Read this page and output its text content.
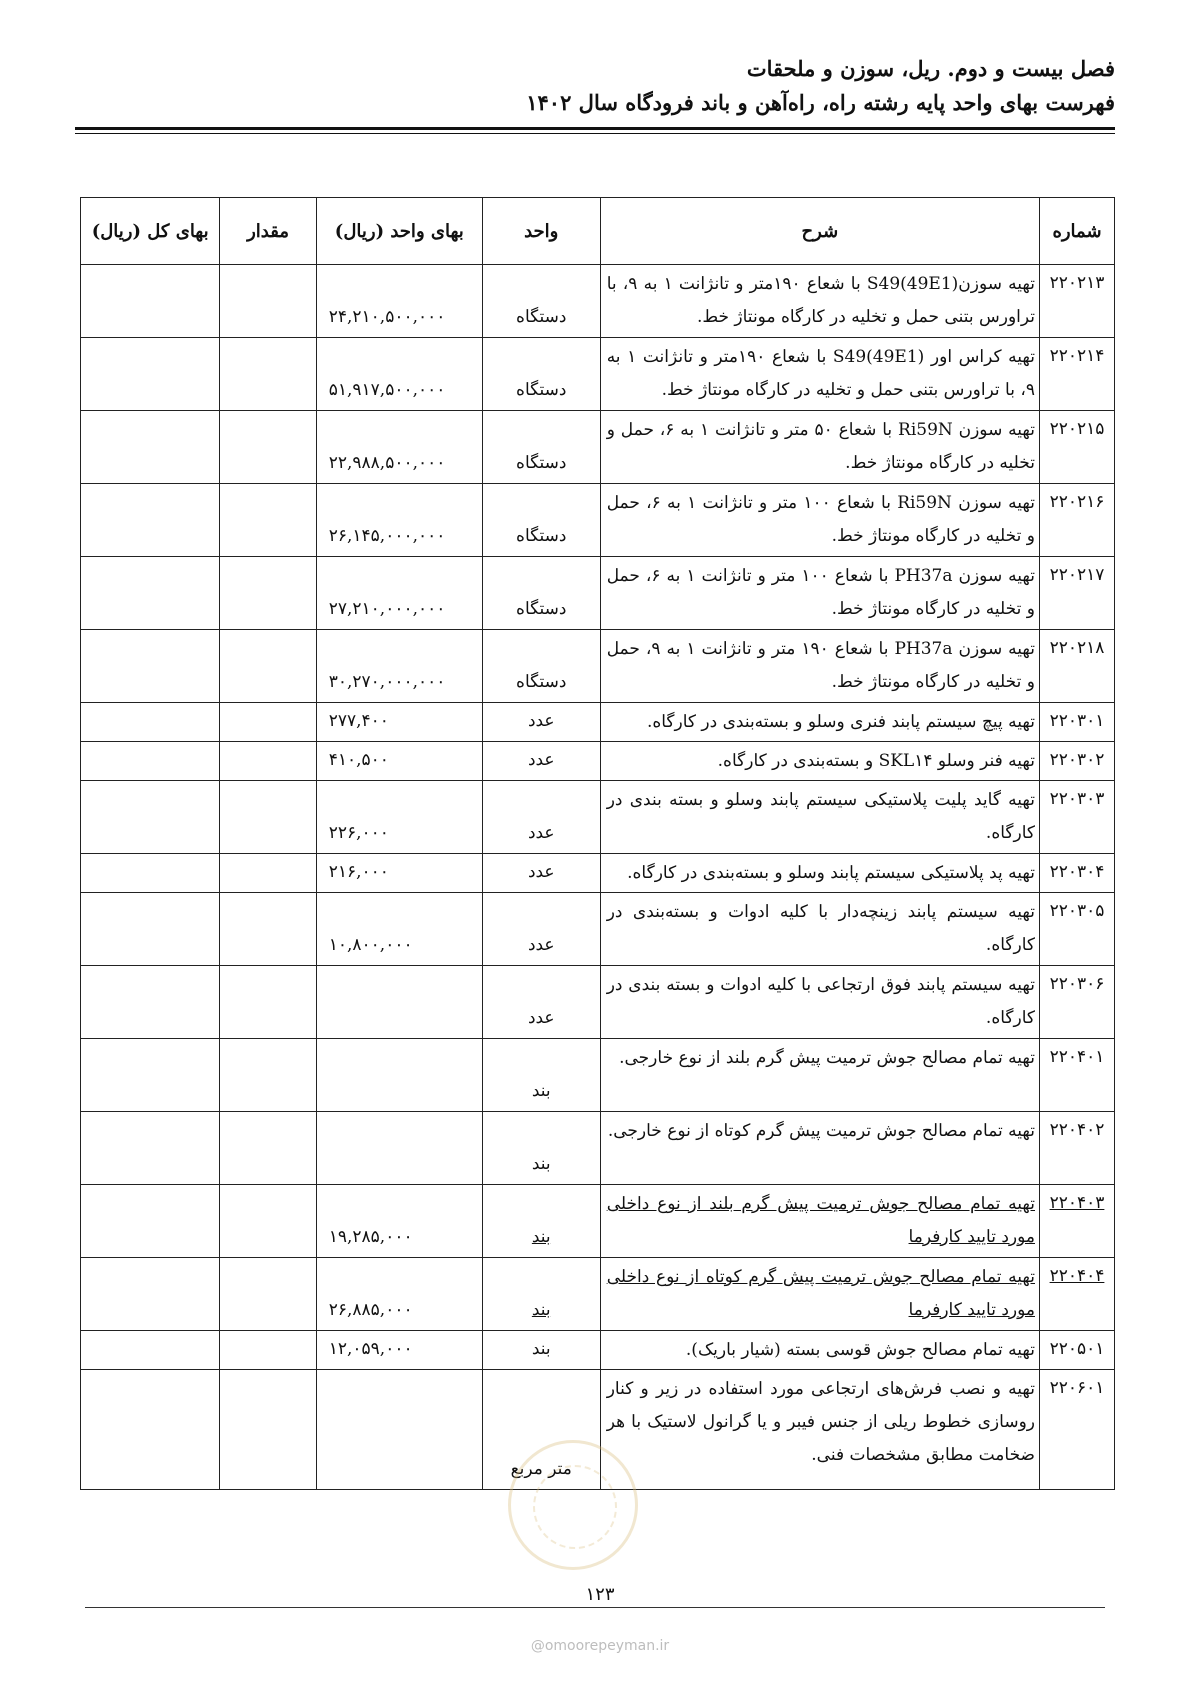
فصل بیست و دوم. ریل، سوزن و ملحقات
فهرست بهای واحد پایه رشته راه، راه‌آهن و باند فرودگاه سال ۱۴۰۲
شماره	شرح	واحد	بهای واحد (ریال)	مقدار	بهای کل (ریال)
۲۲۰۲۱۳	تهیه سوزن(S49(49E1 با شعاع ۱۹۰متر و تانژانت ۱ به ۹، با تراورس بتنی حمل و تخلیه در کارگاه مونتاژ خط.	دستگاه	۲۴,۲۱۰,۵۰۰,۰۰۰		
۲۲۰۲۱۴	تهیه کراس اور (S49(49E1 با شعاع ۱۹۰متر و تانژانت ۱ به ۹، با تراورس بتنی حمل و تخلیه در کارگاه مونتاژ خط.	دستگاه	۵۱,۹۱۷,۵۰۰,۰۰۰		
۲۲۰۲۱۵	تهیه سوزن Ri59N با شعاع ۵۰ متر و تانژانت ۱ به ۶، حمل و تخلیه در کارگاه مونتاژ خط.	دستگاه	۲۲,۹۸۸,۵۰۰,۰۰۰		
۲۲۰۲۱۶	تهیه سوزن Ri59N با شعاع ۱۰۰ متر و تانژانت ۱ به ۶، حمل و تخلیه در کارگاه مونتاژ خط.	دستگاه	۲۶,۱۴۵,۰۰۰,۰۰۰		
۲۲۰۲۱۷	تهیه سوزن PH37a با شعاع ۱۰۰ متر و تانژانت ۱ به ۶، حمل و تخلیه در کارگاه مونتاژ خط.	دستگاه	۲۷,۲۱۰,۰۰۰,۰۰۰		
۲۲۰۲۱۸	تهیه سوزن PH37a با شعاع ۱۹۰ متر و تانژانت ۱ به ۹، حمل و تخلیه در کارگاه مونتاژ خط.	دستگاه	۳۰,۲۷۰,۰۰۰,۰۰۰		
۲۲۰۳۰۱	تهیه پیچ سیستم پابند فنری وسلو و بسته‌بندی در کارگاه.	عدد	۲۷۷,۴۰۰		
۲۲۰۳۰۲	تهیه فنر وسلو SKL۱۴ و بسته‌بندی در کارگاه.	عدد	۴۱۰,۵۰۰		
۲۲۰۳۰۳	تهیه گاید پلیت پلاستیکی سیستم پابند وسلو و بسته بندی در کارگاه.	عدد	۲۲۶,۰۰۰		
۲۲۰۳۰۴	تهیه پد پلاستیکی سیستم پابند وسلو و بسته‌بندی در کارگاه.	عدد	۲۱۶,۰۰۰		
۲۲۰۳۰۵	تهیه سیستم پابند زینچه‌دار با کلیه ادوات و بسته‌بندی در کارگاه.	عدد	۱۰,۸۰۰,۰۰۰		
۲۲۰۳۰۶	تهیه سیستم پابند فوق ارتجاعی با کلیه ادوات و بسته بندی در کارگاه.	عدد			
۲۲۰۴۰۱	تهیه تمام مصالح جوش ترمیت پیش گرم بلند از نوع خارجی.	بند			
۲۲۰۴۰۲	تهیه تمام مصالح جوش ترمیت پیش گرم کوتاه از نوع خارجی.	بند			
۲۲۰۴۰۳	تهیه تمام مصالح جوش ترمیت پیش گرم بلند از نوع داخلی مورد تایید کارفرما	بند	۱۹,۲۸۵,۰۰۰		
۲۲۰۴۰۴	تهیه تمام مصالح جوش ترمیت پیش گرم کوتاه از نوع داخلی مورد تایید کارفرما	بند	۲۶,۸۸۵,۰۰۰		
۲۲۰۵۰۱	تهیه تمام مصالح جوش قوسی بسته (شیار باریک).	بند	۱۲,۰۵۹,۰۰۰		
۲۲۰۶۰۱	تهیه و نصب فرش‌های ارتجاعی مورد استفاده در زیر و کنار روسازی خطوط ریلی از جنس فیبر و یا گرانول لاستیک با هر ضخامت مطابق مشخصات فنی.	متر مربع			
۱۲۳
@omoorepeyman.ir
